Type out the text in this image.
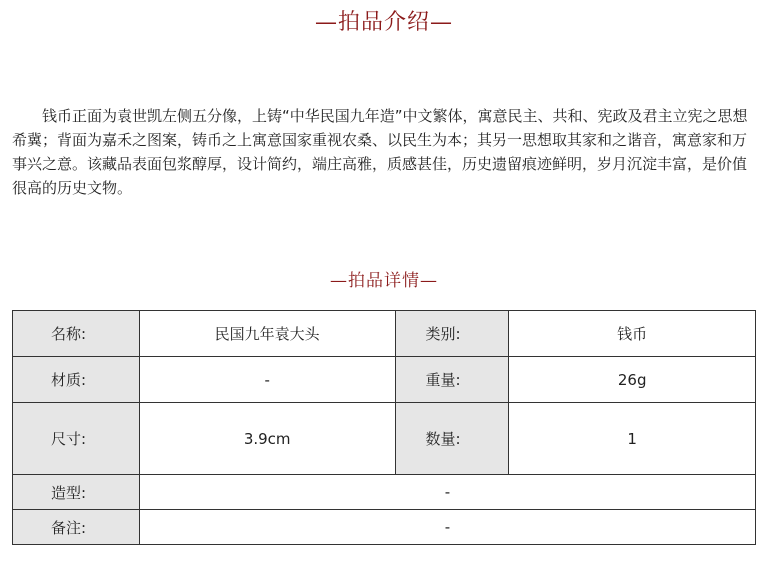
—拍品介绍—

钱币正面为袁世凯左侧五分像，上铸“中华民国九年造”中文繁体，寓意民主、共和、宪政及君主立宪之思想希冀；背面为嘉禾之图案，铸币之上寓意国家重视农桑、以民生为本；其另一思想取其家和之谐音，寓意家和万事兴之意。该藏品表面包浆醇厚，设计简约，端庄高雅，质感甚佳，历史遗留痕迹鲜明，岁月沉淀丰富，是价值很高的历史文物。

—拍品详情—
名称:	民国九年袁大头	类别:	钱币
材质:	-	重量:	26g
尺寸:	3.9cm	数量:	1
造型:	-		
备注:	-		
